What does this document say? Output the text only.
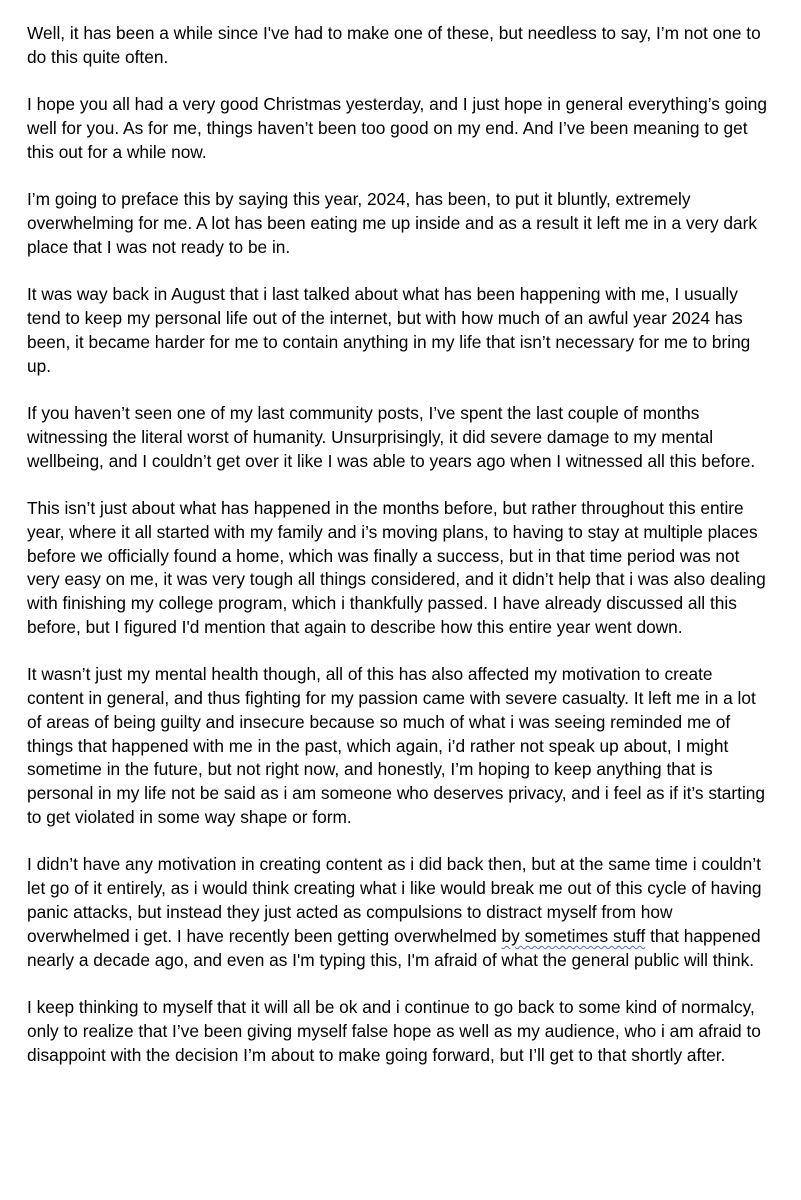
Well, it has been a while since I've had to make one of these, but needless to say, I’m not one to do this quite often.

I hope you all had a very good Christmas yesterday, and I just hope in general everything’s going well for you. As for me, things haven’t been too good on my end. And I’ve been meaning to get this out for a while now.

I’m going to preface this by saying this year, 2024, has been, to put it bluntly, extremely overwhelming for me. A lot has been eating me up inside and as a result it left me in a very dark place that I was not ready to be in.

It was way back in August that i last talked about what has been happening with me, I usually tend to keep my personal life out of the internet, but with how much of an awful year 2024 has been, it became harder for me to contain anything in my life that isn’t necessary for me to bring up.

If you haven’t seen one of my last community posts, I’ve spent the last couple of months witnessing the literal worst of humanity. Unsurprisingly, it did severe damage to my mental wellbeing, and I couldn’t get over it like I was able to years ago when I witnessed all this before.

This isn’t just about what has happened in the months before, but rather throughout this entire year, where it all started with my family and i’s moving plans, to having to stay at multiple places before we officially found a home, which was finally a success, but in that time period was not very easy on me, it was very tough all things considered, and it didn’t help that i was also dealing with finishing my college program, which i thankfully passed. I have already discussed all this before, but I figured I'd mention that again to describe how this entire year went down.

It wasn’t just my mental health though, all of this has also affected my motivation to create content in general, and thus fighting for my passion came with severe casualty. It left me in a lot of areas of being guilty and insecure because so much of what i was seeing reminded me of things that happened with me in the past, which again, i’d rather not speak up about, I might sometime in the future, but not right now, and honestly, I’m hoping to keep anything that is personal in my life not be said as i am someone who deserves privacy, and i feel as if it’s starting to get violated in some way shape or form.

I didn’t have any motivation in creating content as i did back then, but at the same time i couldn’t let go of it entirely, as i would think creating what i like would break me out of this cycle of having panic attacks, but instead they just acted as compulsions to distract myself from how overwhelmed i get. I have recently been getting overwhelmed by sometimes stuff that happened nearly a decade ago, and even as I'm typing this, I'm afraid of what the general public will think.

I keep thinking to myself that it will all be ok and i continue to go back to some kind of normalcy, only to realize that I’ve been giving myself false hope as well as my audience, who i am afraid to disappoint with the decision I’m about to make going forward, but I’ll get to that shortly after.
